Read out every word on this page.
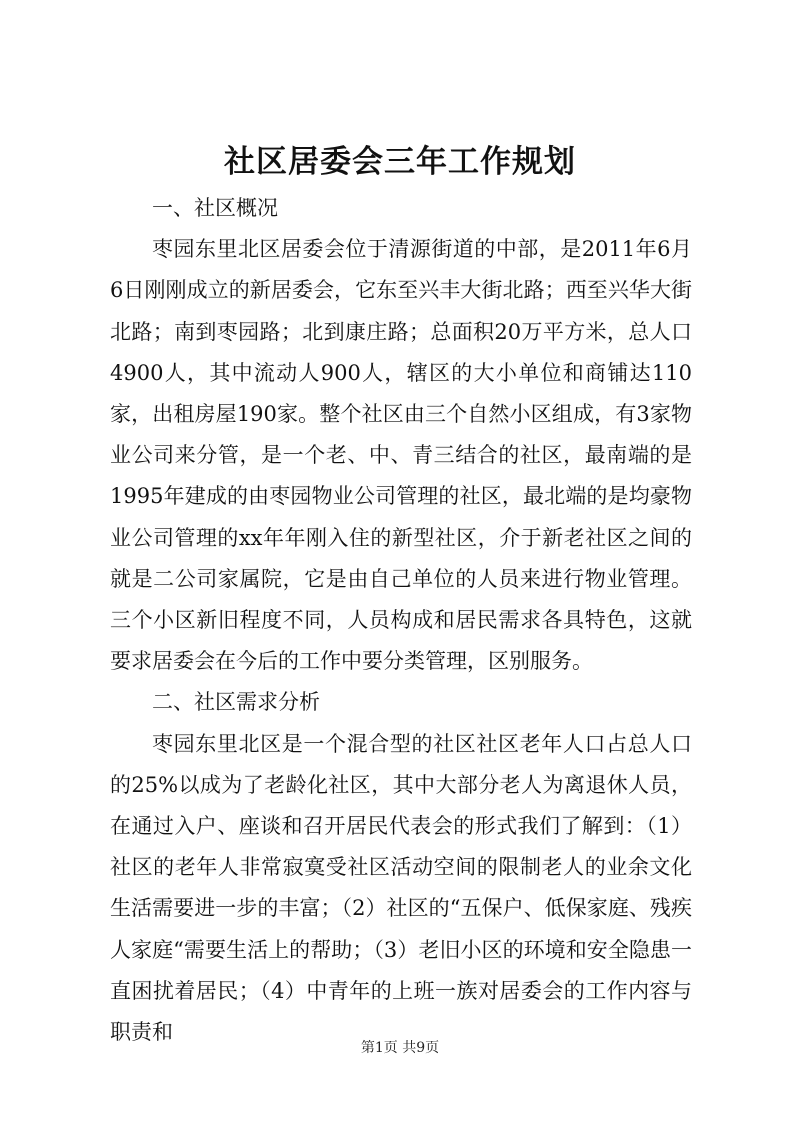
社区居委会三年工作规划

一、社区概况

枣园东里北区居委会位于清源街道的中部，是2011年6月6日刚刚成立的新居委会，它东至兴丰大街北路；西至兴华大街北路；南到枣园路；北到康庄路；总面积20万平方米，总人口4900人，其中流动人900人，辖区的大小单位和商铺达110家，出租房屋190家。整个社区由三个自然小区组成，有3家物业公司来分管，是一个老、中、青三结合的社区，最南端的是1995年建成的由枣园物业公司管理的社区，最北端的是均豪物业公司管理的xx年年刚入住的新型社区，介于新老社区之间的就是二公司家属院，它是由自己单位的人员来进行物业管理。三个小区新旧程度不同，人员构成和居民需求各具特色，这就要求居委会在今后的工作中要分类管理，区别服务。

二、社区需求分析

枣园东里北区是一个混合型的社区社区老年人口占总人口的25%以成为了老龄化社区，其中大部分老人为离退休人员，在通过入户、座谈和召开居民代表会的形式我们了解到：（1）社区的老年人非常寂寞受社区活动空间的限制老人的业余文化生活需要进一步的丰富；（2）社区的“五保户、低保家庭、残疾人家庭“需要生活上的帮助；（3）老旧小区的环境和安全隐患一直困扰着居民；（4）中青年的上班一族对居委会的工作内容与职责和

第1页 共9页
